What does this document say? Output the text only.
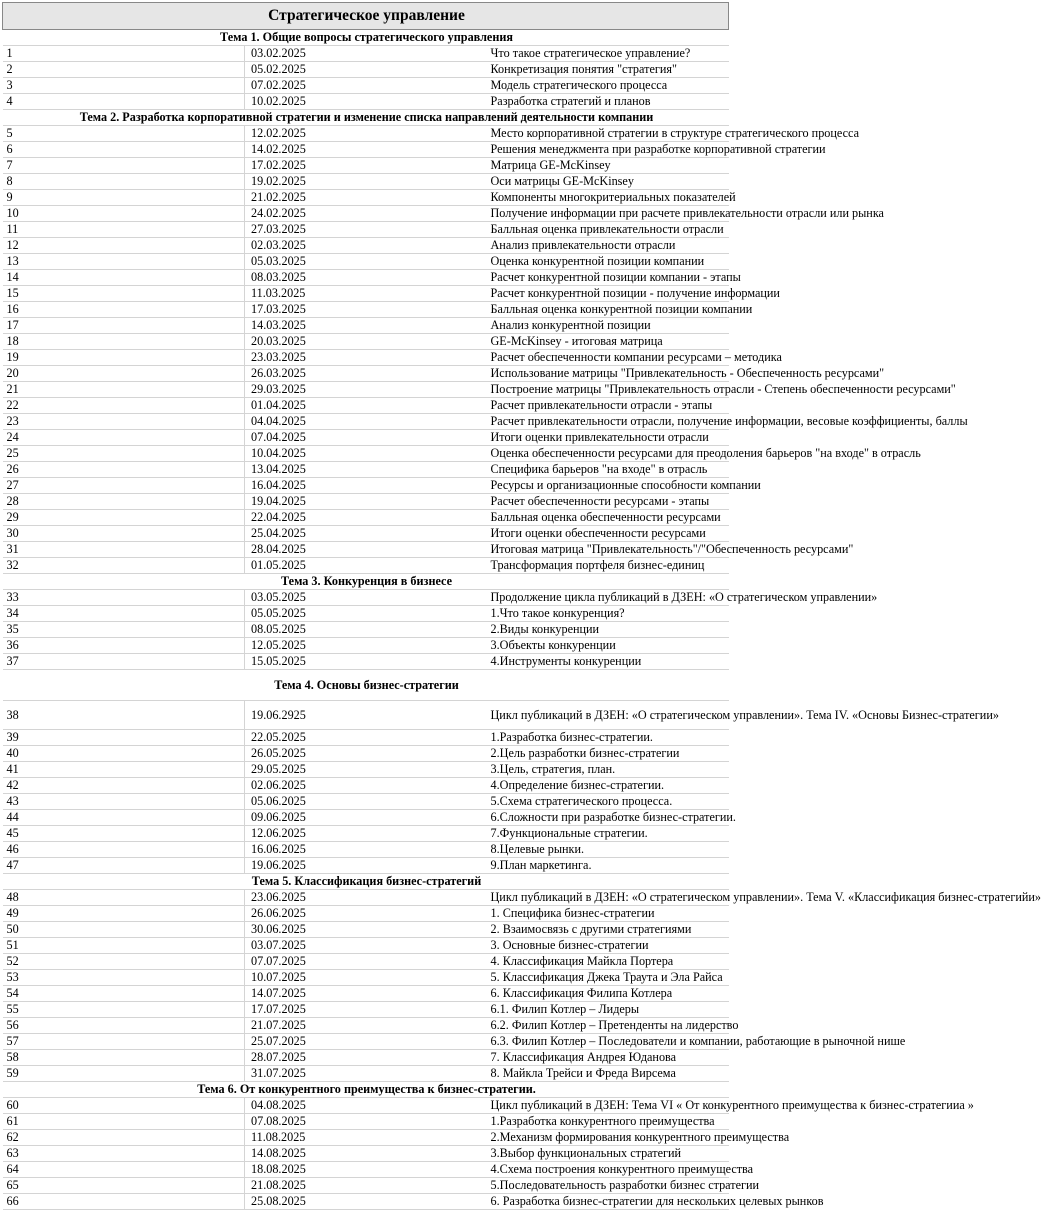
Стратегическое управление		
Тема 1. Общие вопросы стратегического управления		
1	03.02.2025	Что такое стратегическое управление?
2	05.02.2025	Конкретизация понятия "стратегия"
3	07.02.2025	Модель стратегического процесса
4	10.02.2025	Разработка стратегий и планов
Тема 2. Разработка корпоративной стратегии и изменение списка направлений деятельности компании		
5	12.02.2025	Место корпоративной стратегии в структуре стратегического процесса
6	14.02.2025	Решения менеджмента при разработке корпоративной стратегии
7	17.02.2025	Матрица GE-McKinsey
8	19.02.2025	Оси матрицы GE-McKinsey
9	21.02.2025	Компоненты многокритериальных показателей
10	24.02.2025	Получение информации при расчете привлекательности отрасли или рынка
11	27.03.2025	Балльная оценка привлекательности отрасли
12	02.03.2025	Анализ привлекательности отрасли
13	05.03.2025	Оценка конкурентной позиции компании
14	08.03.2025	Расчет конкурентной позиции компании - этапы
15	11.03.2025	Расчет конкурентной позиции - получение информации
16	17.03.2025	Балльная оценка конкурентной позиции компании
17	14.03.2025	Анализ конкурентной позиции
18	20.03.2025	GE-McKinsey - итоговая матрица
19	23.03.2025	Расчет обеспеченности компании ресурсами – методика
20	26.03.2025	Использование матрицы "Привлекательность - Обеспеченность ресурсами"
21	29.03.2025	Построение матрицы "Привлекательность отрасли - Степень обеспеченности ресурсами"
22	01.04.2025	Расчет привлекательности отрасли - этапы
23	04.04.2025	Расчет привлекательности отрасли, получение информации, весовые коэффициенты, баллы
24	07.04.2025	Итоги оценки привлекательности отрасли
25	10.04.2025	Оценка обеспеченности ресурсами для преодоления барьеров "на входе" в отрасль
26	13.04.2025	Специфика барьеров "на входе" в отрасль
27	16.04.2025	Ресурсы и организационные способности компании
28	19.04.2025	Расчет обеспеченности ресурсами - этапы
29	22.04.2025	Балльная оценка обеспеченности ресурсами
30	25.04.2025	Итоги оценки обеспеченности ресурсами
31	28.04.2025	Итоговая матрица "Привлекательность"/"Обеспеченность ресурсами"
32	01.05.2025	Трансформация портфеля бизнес-единиц
Тема 3. Конкуренция в бизнесе		
33	03.05.2025	Продолжение цикла публикаций в ДЗЕН: «О стратегическом управлении»
34	05.05.2025	1.Что такое конкуренция?
35	08.05.2025	2.Виды конкуренции
36	12.05.2025	3.Объекты конкуренции
37	15.05.2025	4.Инструменты конкуренции
Тема 4. Основы бизнес-стратегии		
38	19.06.2925	Цикл публикаций в ДЗЕН: «О стратегическом управлении». Тема IV. «Основы Бизнес-стратегии»
39	22.05.2025	1.Разработка бизнес-стратегии.
40	26.05.2025	2.Цель разработки бизнес-стратегии
41	29.05.2025	3.Цель, стратегия, план.
42	02.06.2025	4.Определение бизнес-стратегии.
43	05.06.2025	5.Схема стратегического процесса.
44	09.06.2025	6.Сложности при разработке бизнес-стратегии.
45	12.06.2025	7.Функциональные стратегии.
46	16.06.2025	8.Целевые рынки.
47	19.06.2025	9.План маркетинга.
Тема 5. Классификация бизнес-стратегий		
48	23.06.2025	Цикл публикаций в ДЗЕН: «О стратегическом управлении». Тема V. «Классификация бизнес-стратегийи»
49	26.06.2025	1. Специфика бизнес-стратегии
50	30.06.2025	2. Взаимосвязь с другими стратегиями
51	03.07.2025	3. Основные бизнес-стратегии
52	07.07.2025	4. Классификация Майкла Портера
53	10.07.2025	5. Классификация Джека Траута и Эла Райса
54	14.07.2025	6. Классификация Филипа Котлера
55	17.07.2025	6.1. Филип Котлер – Лидеры
56	21.07.2025	6.2. Филип Котлер – Претенденты на лидерство
57	25.07.2025	6.3. Филип Котлер – Последователи и компании, работающие в рыночной нише
58	28.07.2025	7. Классификация Андрея Юданова
59	31.07.2025	8. Майкла Трейси и Фреда Вирсема
Тема 6. От конкурентного преимущества к бизнес-стратегии.		
60	04.08.2025	Цикл публикаций в ДЗЕН: Тема VI « От конкурентного преимущества к бизнес-стратегииа »
61	07.08.2025	1.Разработка конкурентного преимущества
62	11.08.2025	2.Механизм формирования конкурентного преимущества
63	14.08.2025	3.Выбор функциональных стратегий
64	18.08.2025	4.Схема построения конкурентного преимущества
65	21.08.2025	5.Последовательность разработки бизнес стратегии
66	25.08.2025	6. Разработка бизнес-стратегии для нескольких целевых рынков
